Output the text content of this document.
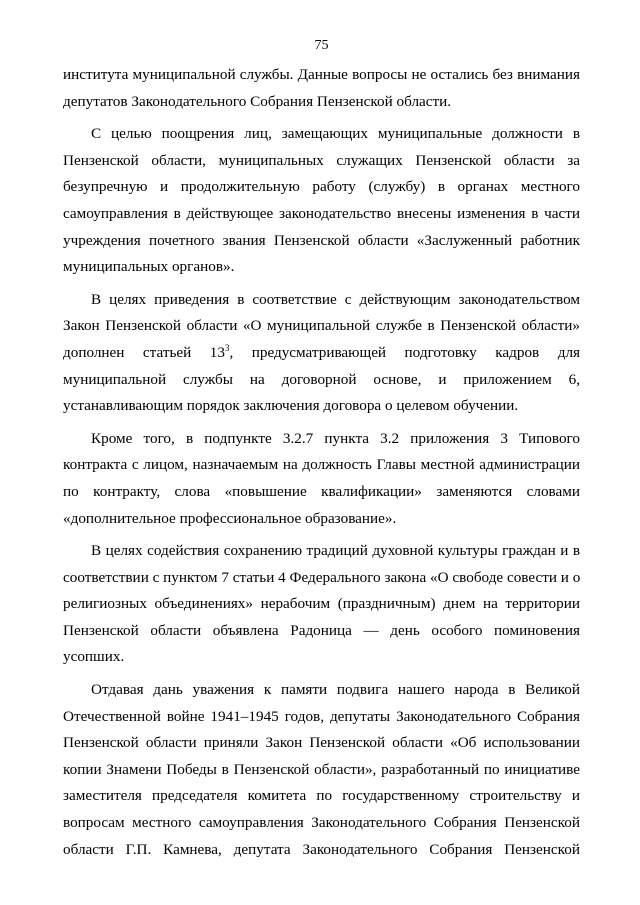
75

института муниципальной службы. Данные вопросы не остались без внимания
депутатов Законодательного Собрания Пензенской области.

С целью поощрения лиц, замещающих муниципальные должности в
Пензенской области, муниципальных служащих Пензенской области за
безупречную и продолжительную работу (службу) в органах местного
самоуправления в действующее законодательство внесены изменения в части
учреждения почетного звания Пензенской области «Заслуженный работник
муниципальных органов».

В целях приведения в соответствие с действующим законодательством
Закон Пензенской области «О муниципальной службе в Пензенской области»
дополнен статьей $13^3$, предусматривающей подготовку кадров для
муниципальной службы на договорной основе, и приложением 6,
устанавливающим порядок заключения договора о целевом обучении.

Кроме того, в подпункте 3.2.7 пункта 3.2 приложения 3 Типового
контракта с лицом, назначаемым на должность Главы местной администрации
по контракту, слова «повышение квалификации» заменяются словами
«дополнительное профессиональное образование».

В целях содействия сохранению традиций духовной культуры граждан и в
соответствии с пунктом 7 статьи 4 Федерального закона «О свободе совести и о
религиозных объединениях» нерабочим (праздничным) днем на территории
Пензенской области объявлена Радоница — день особого поминовения
усопших.

Отдавая дань уважения к памяти подвига нашего народа в Великой
Отечественной войне 1941–1945 годов, депутаты Законодательного Собрания
Пензенской области приняли Закон Пензенской области «Об использовании
копии Знамени Победы в Пензенской области», разработанный по инициативе
заместителя председателя комитета по государственному строительству и
вопросам местного самоуправления Законодательного Собрания Пензенской
области Г.П. Камнева, депутата Законодательного Собрания Пензенской
